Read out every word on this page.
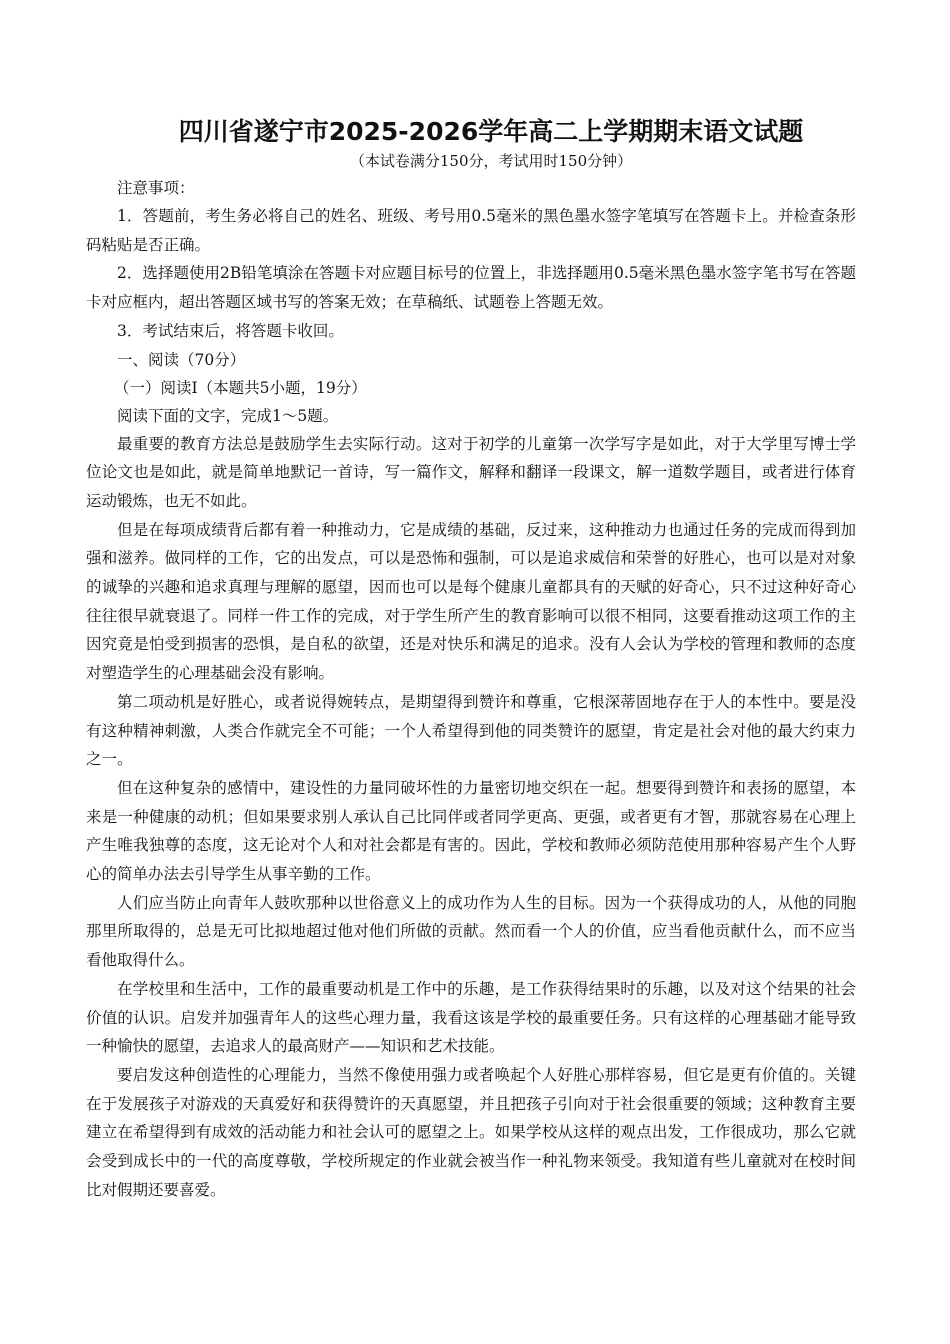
四川省遂宁市2025-2026学年高二上学期期末语文试题
（本试卷满分150分，考试用时150分钟）

注意事项：

1．答题前，考生务必将自己的姓名、班级、考号用0.5毫米的黑色墨水签字笔填写在答题卡上。并检查条形码粘贴是否正确。

2．选择题使用2B铅笔填涂在答题卡对应题目标号的位置上，非选择题用0.5毫米黑色墨水签字笔书写在答题卡对应框内，超出答题区域书写的答案无效；在草稿纸、试题卷上答题无效。

3．考试结束后，将答题卡收回。

一、阅读（70分）

（一）阅读Ⅰ（本题共5小题，19分）

阅读下面的文字，完成1～5题。

最重要的教育方法总是鼓励学生去实际行动。这对于初学的儿童第一次学写字是如此，对于大学里写博士学位论文也是如此，就是简单地默记一首诗，写一篇作文，解释和翻译一段课文，解一道数学题目，或者进行体育运动锻炼，也无不如此。

但是在每项成绩背后都有着一种推动力，它是成绩的基础，反过来，这种推动力也通过任务的完成而得到加强和滋养。做同样的工作，它的出发点，可以是恐怖和强制，可以是追求威信和荣誉的好胜心，也可以是对对象的诚挚的兴趣和追求真理与理解的愿望，因而也可以是每个健康儿童都具有的天赋的好奇心，只不过这种好奇心往往很早就衰退了。同样一件工作的完成，对于学生所产生的教育影响可以很不相同，这要看推动这项工作的主因究竟是怕受到损害的恐惧，是自私的欲望，还是对快乐和满足的追求。没有人会认为学校的管理和教师的态度对塑造学生的心理基础会没有影响。

第二项动机是好胜心，或者说得婉转点，是期望得到赞许和尊重，它根深蒂固地存在于人的本性中。要是没有这种精神刺激，人类合作就完全不可能；一个人希望得到他的同类赞许的愿望，肯定是社会对他的最大约束力之一。

但在这种复杂的感情中，建设性的力量同破坏性的力量密切地交织在一起。想要得到赞许和表扬的愿望，本来是一种健康的动机；但如果要求别人承认自己比同伴或者同学更高、更强，或者更有才智，那就容易在心理上产生唯我独尊的态度，这无论对个人和对社会都是有害的。因此，学校和教师必须防范使用那种容易产生个人野心的简单办法去引导学生从事辛勤的工作。

人们应当防止向青年人鼓吹那种以世俗意义上的成功作为人生的目标。因为一个获得成功的人，从他的同胞那里所取得的，总是无可比拟地超过他对他们所做的贡献。然而看一个人的价值，应当看他贡献什么，而不应当看他取得什么。

在学校里和生活中，工作的最重要动机是工作中的乐趣，是工作获得结果时的乐趣，以及对这个结果的社会价值的认识。启发并加强青年人的这些心理力量，我看这该是学校的最重要任务。只有这样的心理基础才能导致一种愉快的愿望，去追求人的最高财产——知识和艺术技能。

要启发这种创造性的心理能力，当然不像使用强力或者唤起个人好胜心那样容易，但它是更有价值的。关键在于发展孩子对游戏的天真爱好和获得赞许的天真愿望，并且把孩子引向对于社会很重要的领域；这种教育主要建立在希望得到有成效的活动能力和社会认可的愿望之上。如果学校从这样的观点出发，工作很成功，那么它就会受到成长中的一代的高度尊敬，学校所规定的作业就会被当作一种礼物来领受。我知道有些儿童就对在校时间比对假期还要喜爱。
